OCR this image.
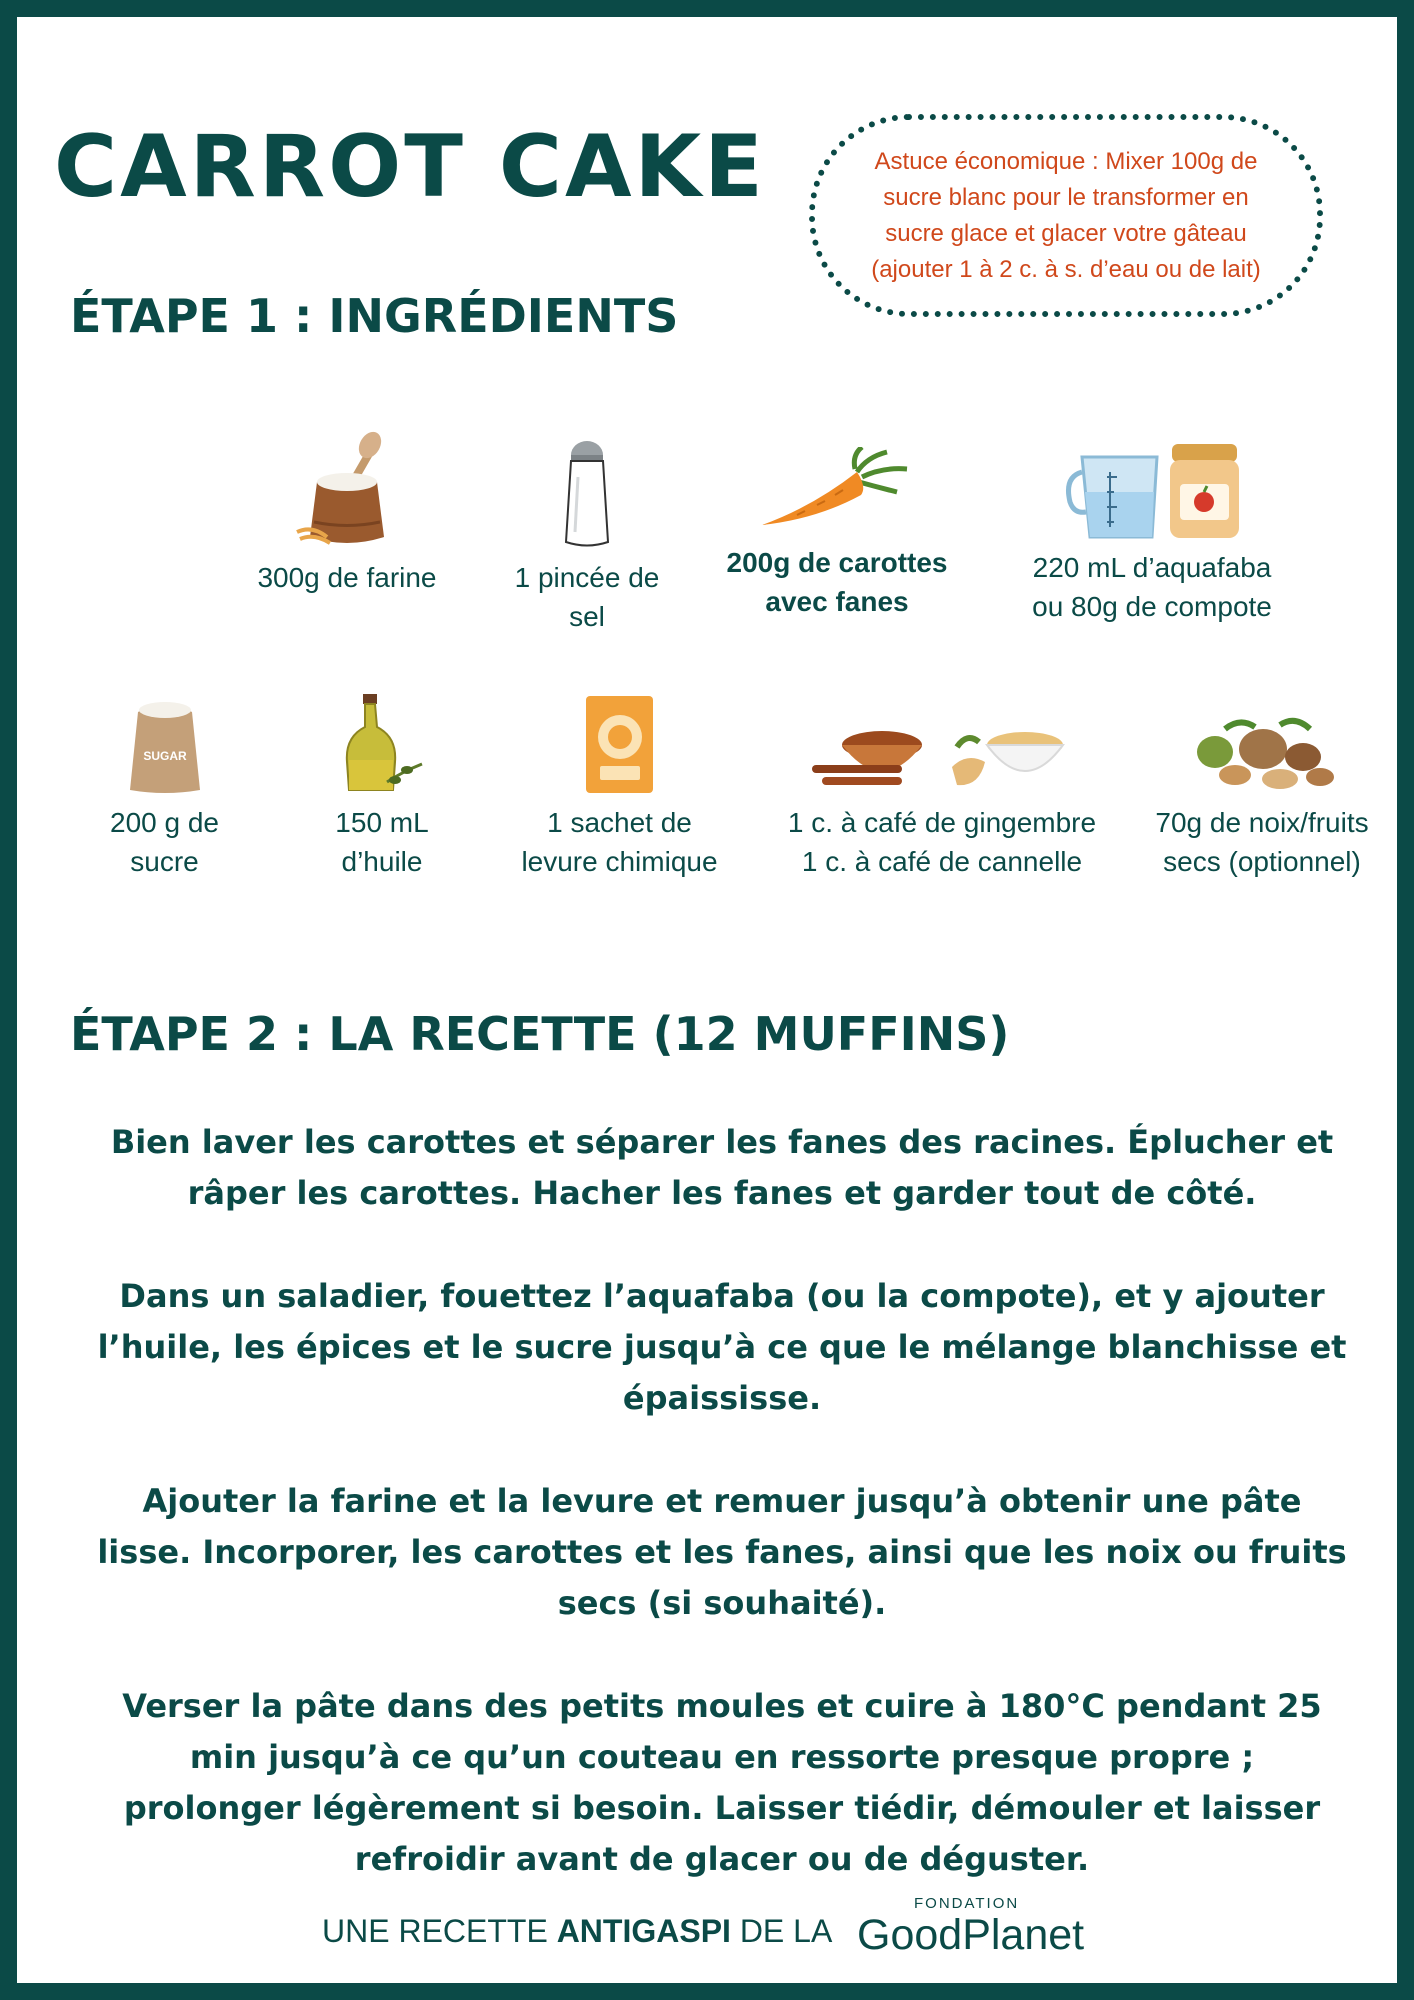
CARROT CAKE	Astuce économique : Mixer 100g de sucre blanc pour le transformer en sucre glace et glacer votre gâteau (ajouter 1 à 2 c. à s. d’eau ou de lait)
ÉTAPE 1 : INGRÉDIENTS
300g de farine	1 pincée de
sel
200g de carottes
avec fanes
220 mL d’aquafaba
ou 80g de compote
SUGAR
200 g de
sucre
150 mL
d’huile
1 sachet de
levure chimique
1 c. à café de gingembre
1 c. à café de cannelle
70g de noix/fruits
secs (optionnel)
ÉTAPE 2 : LA RECETTE (12 MUFFINS)

Bien laver les carottes et séparer les fanes des racines. Éplucher et râper les carottes. Hacher les fanes et garder tout de côté.

Dans un saladier, fouettez l’aquafaba (ou la compote), et y ajouter l’huile, les épices et le sucre jusqu’à ce que le mélange blanchisse et épaississe.

Ajouter la farine et la levure et remuer jusqu’à obtenir une pâte lisse. Incorporer, les carottes et les fanes, ainsi que les noix ou fruits secs (si souhaité).

Verser la pâte dans des petits moules et cuire à 180°C pendant 25 min jusqu’à ce qu’un couteau en ressorte presque propre ; prolonger légèrement si besoin. Laisser tiédir, démouler et laisser refroidir avant de glacer ou de déguster.

UNE RECETTE ANTIGASPI DE LA
FONDATION
GoodPlanet
